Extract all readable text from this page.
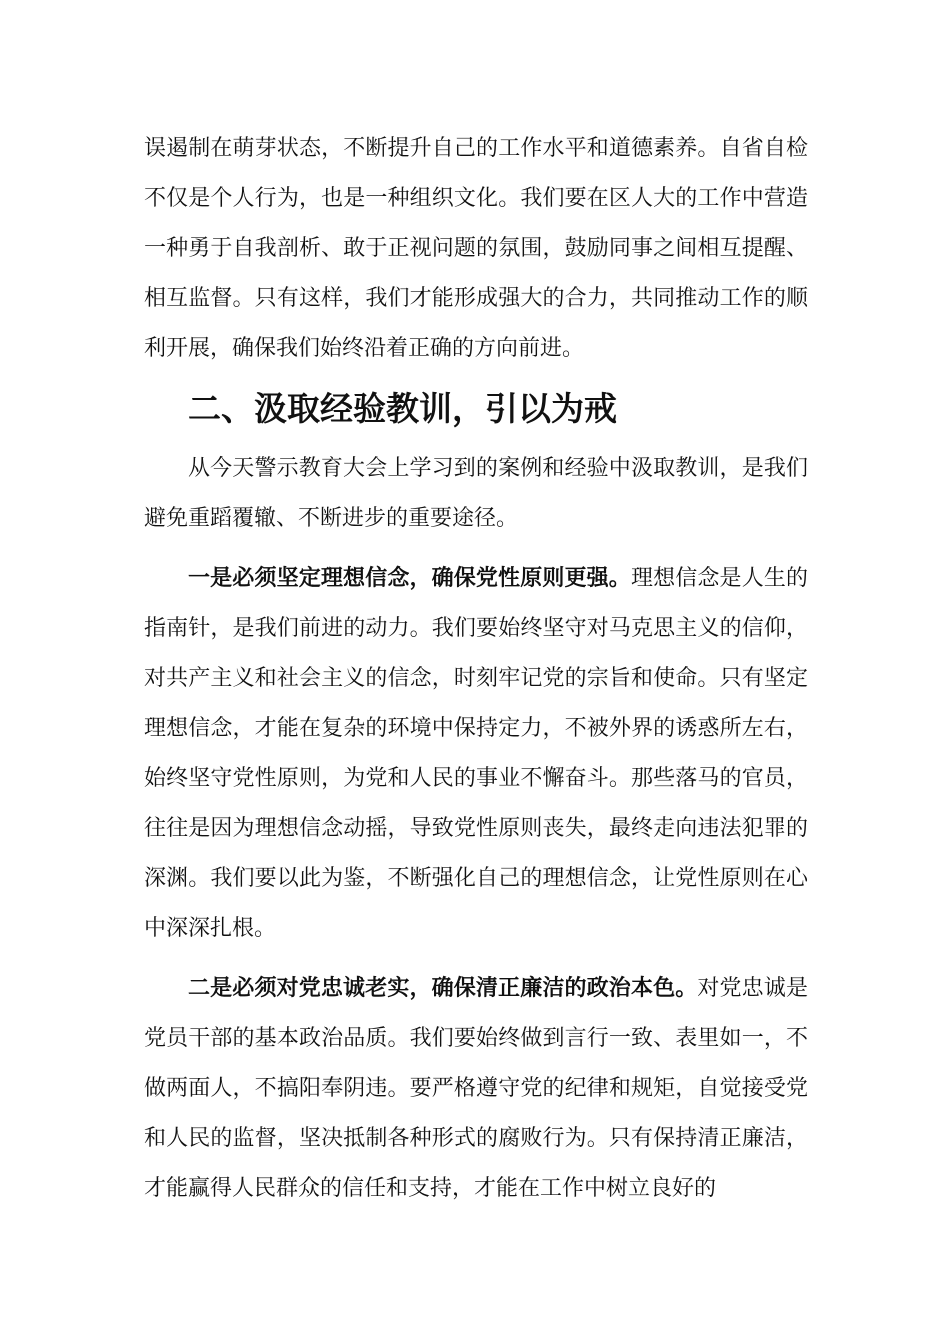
误遏制在萌芽状态，不断提升自己的工作水平和道德素养。自省自检不仅是个人行为，也是一种组织文化。我们要在区人大的工作中营造一种勇于自我剖析、敢于正视问题的氛围，鼓励同事之间相互提醒、相互监督。只有这样，我们才能形成强大的合力，共同推动工作的顺利开展，确保我们始终沿着正确的方向前进。

二、汲取经验教训，引以为戒

从今天警示教育大会上学习到的案例和经验中汲取教训，是我们避免重蹈覆辙、不断进步的重要途径。

一是必须坚定理想信念，确保党性原则更强。理想信念是人生的指南针，是我们前进的动力。我们要始终坚守对马克思主义的信仰，对共产主义和社会主义的信念，时刻牢记党的宗旨和使命。只有坚定理想信念，才能在复杂的环境中保持定力，不被外界的诱惑所左右，始终坚守党性原则，为党和人民的事业不懈奋斗。那些落马的官员，往往是因为理想信念动摇，导致党性原则丧失，最终走向违法犯罪的深渊。我们要以此为鉴，不断强化自己的理想信念，让党性原则在心中深深扎根。

二是必须对党忠诚老实，确保清正廉洁的政治本色。对党忠诚是党员干部的基本政治品质。我们要始终做到言行一致、表里如一，不做两面人，不搞阳奉阴违。要严格遵守党的纪律和规矩，自觉接受党和人民的监督，坚决抵制各种形式的腐败行为。只有保持清正廉洁，才能赢得人民群众的信任和支持，才能在工作中树立良好的
